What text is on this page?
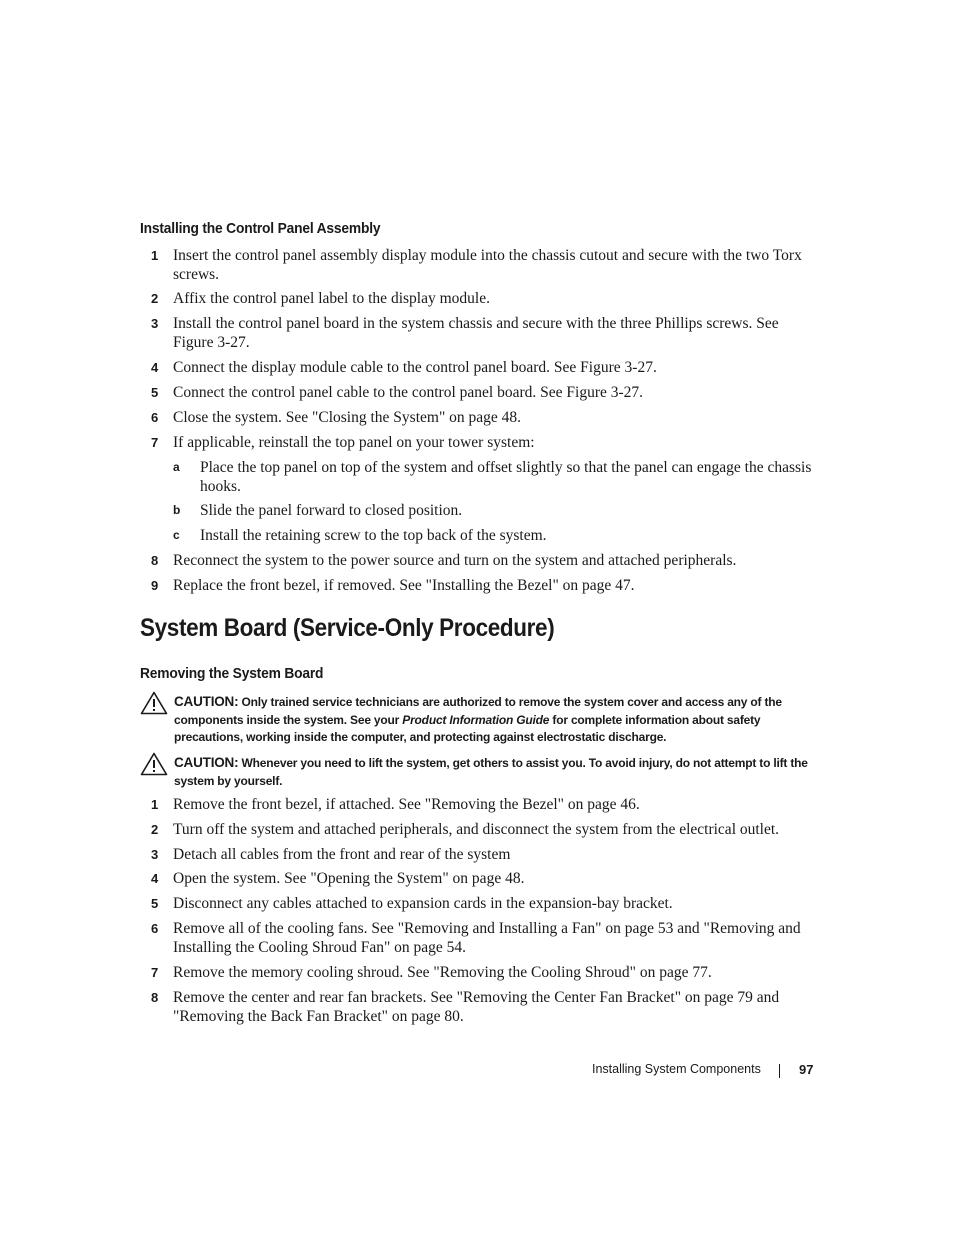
Installing the Control Panel Assembly
1 Insert the control panel assembly display module into the chassis cutout and secure with the two Torx screws.
2 Affix the control panel label to the display module.
3 Install the control panel board in the system chassis and secure with the three Phillips screws. See Figure 3-27.
4 Connect the display module cable to the control panel board. See Figure 3-27.
5 Connect the control panel cable to the control panel board. See Figure 3-27.
6 Close the system. See "Closing the System" on page 48.
7 If applicable, reinstall the top panel on your tower system:
a	Place the top panel on top of the system and offset slightly so that the panel can engage the chassis hooks.
b	Slide the panel forward to closed position.
c	Install the retaining screw to the top back of the system.
8 Reconnect the system to the power source and turn on the system and attached peripherals.
9 Replace the front bezel, if removed. See "Installing the Bezel" on page 47.
System Board (Service-Only Procedure)
Removing the System Board
CAUTION: Only trained service technicians are authorized to remove the system cover and access any of the components inside the system. See your Product Information Guide for complete information about safety precautions, working inside the computer, and protecting against electrostatic discharge.
CAUTION: Whenever you need to lift the system, get others to assist you. To avoid injury, do not attempt to lift the system by yourself.
1 Remove the front bezel, if attached. See "Removing the Bezel" on page 46.
2 Turn off the system and attached peripherals, and disconnect the system from the electrical outlet.
3 Detach all cables from the front and rear of the system
4 Open the system. See "Opening the System" on page 48.
5 Disconnect any cables attached to expansion cards in the expansion-bay bracket.
6 Remove all of the cooling fans. See "Removing and Installing a Fan" on page 53 and "Removing and Installing the Cooling Shroud Fan" on page 54.
7 Remove the memory cooling shroud. See "Removing the Cooling Shroud" on page 77.
8 Remove the center and rear fan brackets. See "Removing the Center Fan Bracket" on page 79 and "Removing the Back Fan Bracket" on page 80.
Installing System Components	97
